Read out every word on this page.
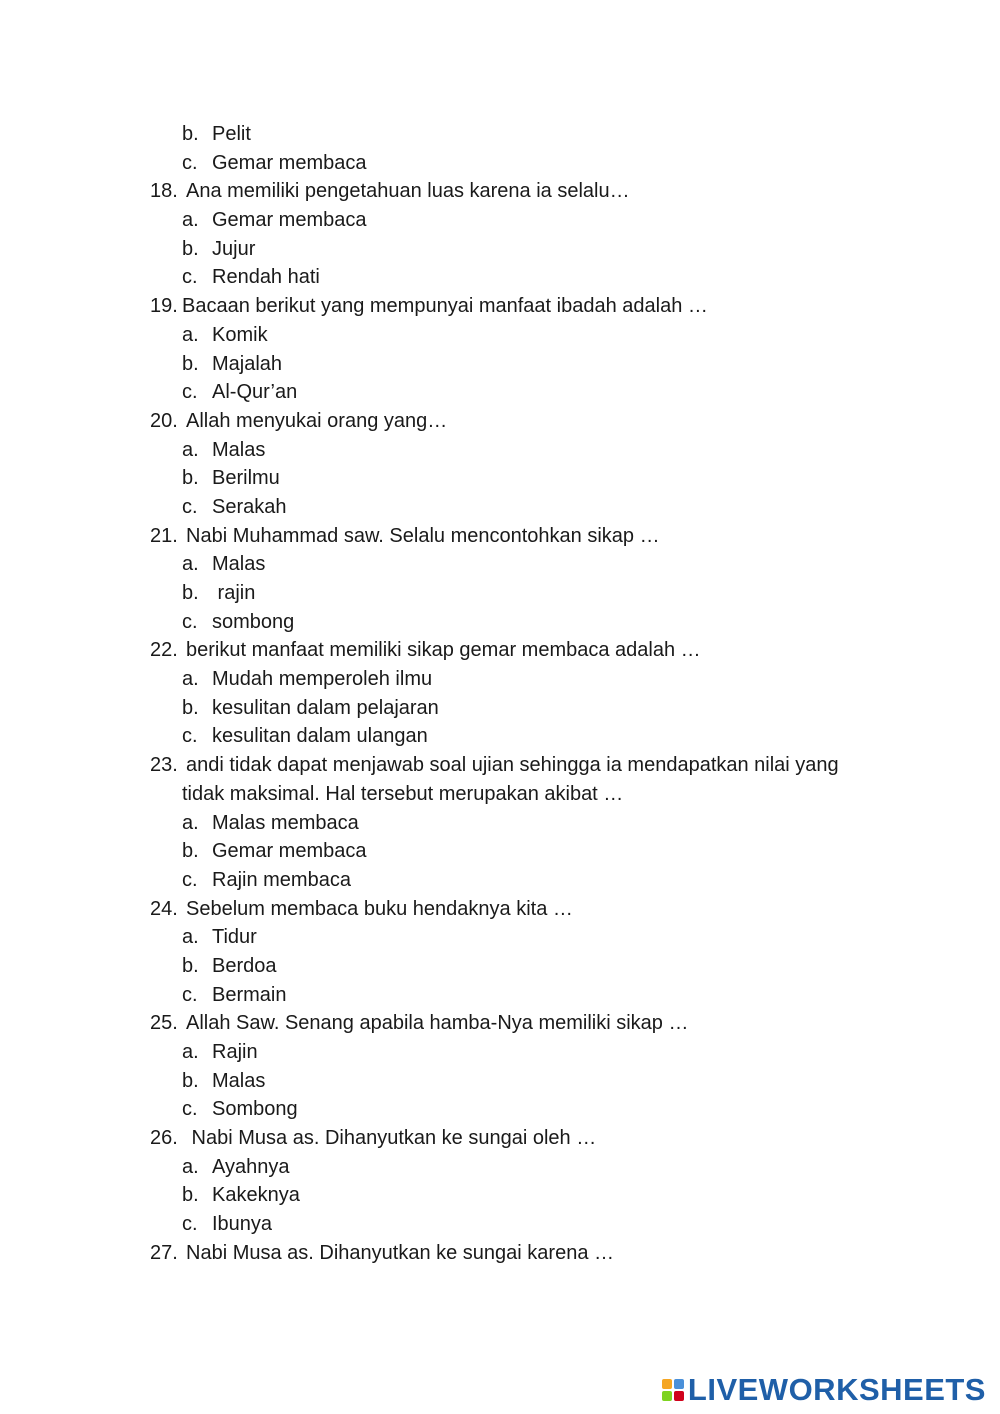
b. Pelit
c. Gemar membaca
18. Ana memiliki pengetahuan luas karena ia selalu…
a. Gemar membaca
b. Jujur
c. Rendah hati
19. Bacaan berikut yang mempunyai manfaat ibadah adalah …
a. Komik
b. Majalah
c. Al-Qur’an
20. Allah menyukai orang yang…
a. Malas
b. Berilmu
c. Serakah
21. Nabi Muhammad saw. Selalu mencontohkan sikap …
a. Malas
b. rajin
c. sombong
22. berikut manfaat memiliki sikap gemar membaca adalah …
a. Mudah memperoleh ilmu
b. kesulitan dalam pelajaran
c. kesulitan dalam ulangan
23. andi tidak dapat menjawab soal ujian sehingga ia mendapatkan nilai yang
tidak maksimal. Hal tersebut merupakan akibat …
a. Malas membaca
b. Gemar membaca
c. Rajin membaca
24. Sebelum membaca buku hendaknya kita …
a. Tidur
b. Berdoa
c. Bermain
25. Allah Saw. Senang apabila hamba-Nya memiliki sikap …
a. Rajin
b. Malas
c. Sombong
26. Nabi Musa as. Dihanyutkan ke sungai oleh …
a. Ayahnya
b. Kakeknya
c. Ibunya
27. Nabi Musa as. Dihanyutkan ke sungai karena …
LIVEWORKSHEETS
